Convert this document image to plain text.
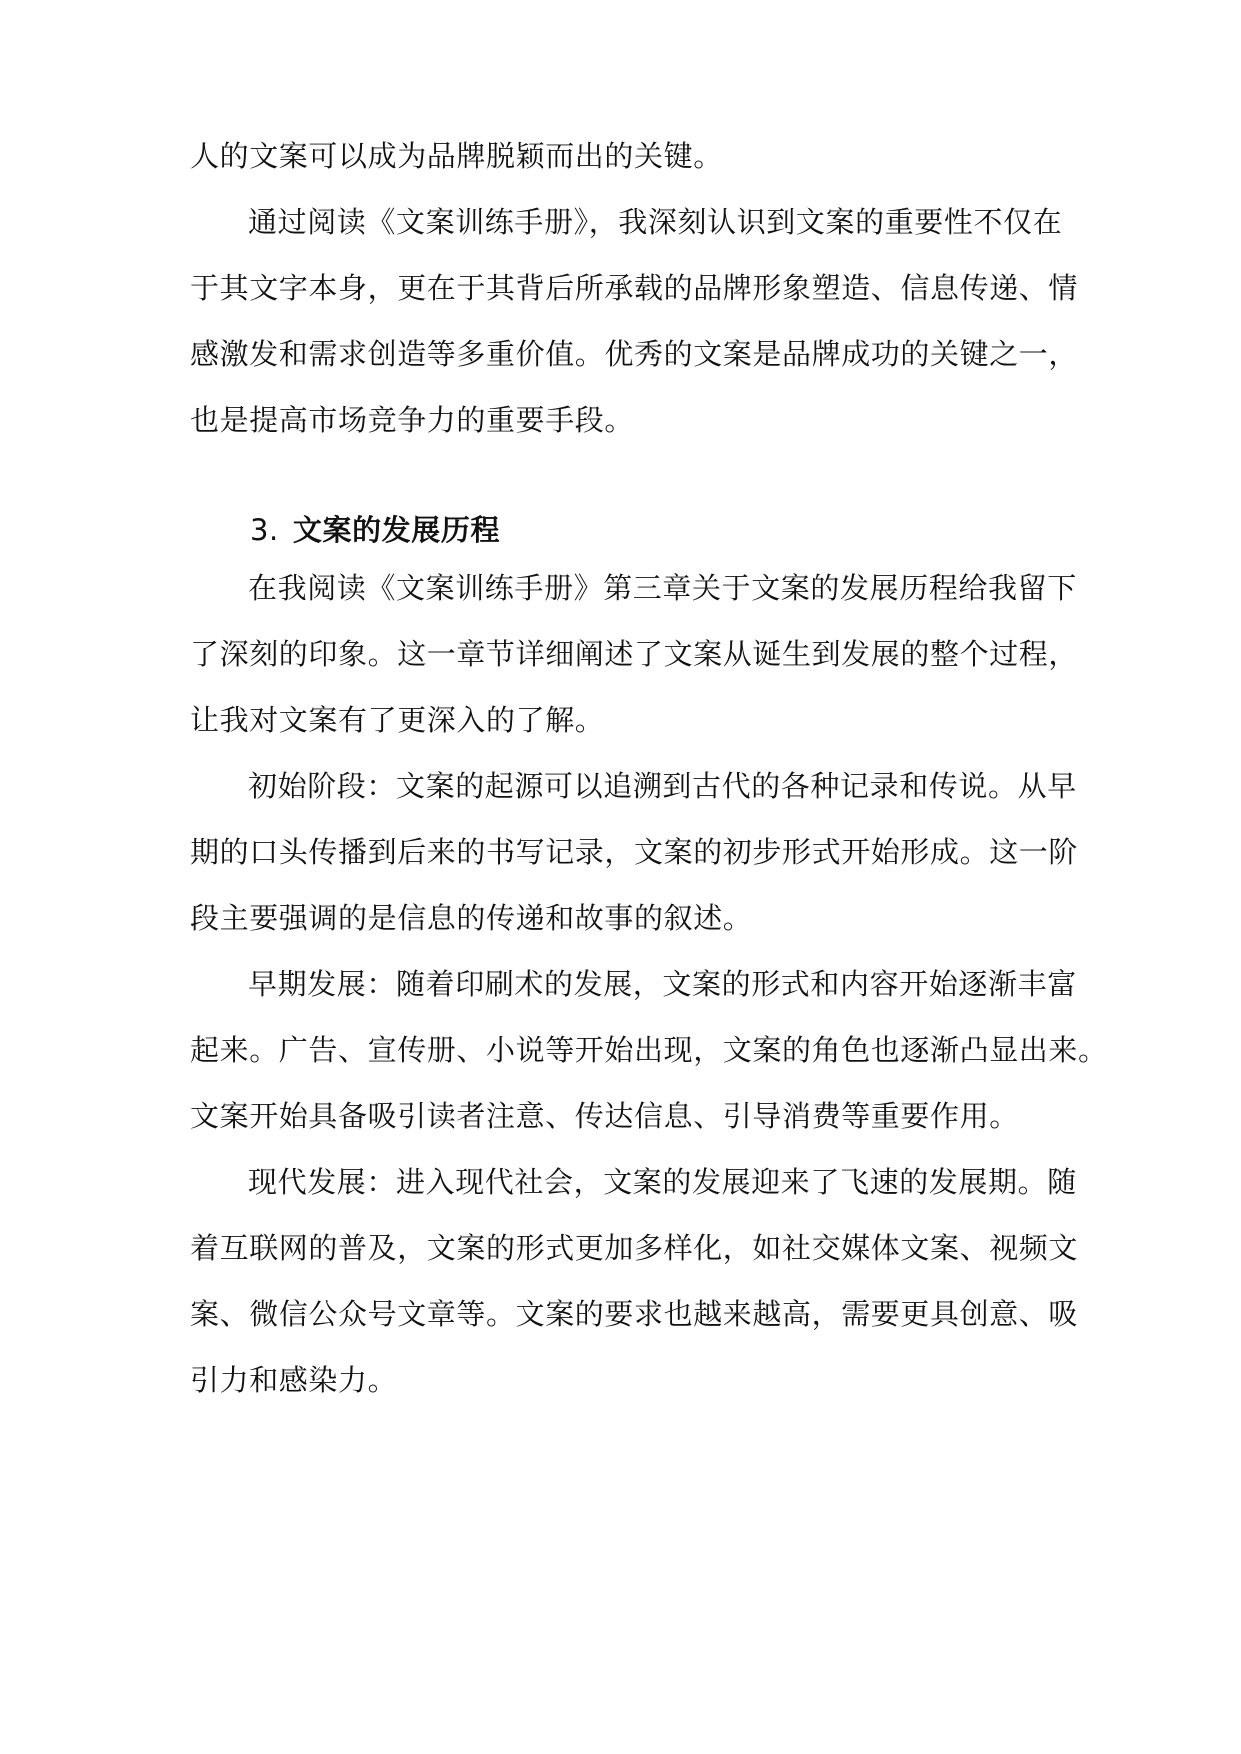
人的文案可以成为品牌脱颖而出的关键。
通过阅读《文案训练手册》，我深刻认识到文案的重要性不仅在
于其文字本身，更在于其背后所承载的品牌形象塑造、信息传递、情
感激发和需求创造等多重价值。优秀的文案是品牌成功的关键之一，
也是提高市场竞争力的重要手段。
3. 文案的发展历程
在我阅读《文案训练手册》第三章关于文案的发展历程给我留下
了深刻的印象。这一章节详细阐述了文案从诞生到发展的整个过程，
让我对文案有了更深入的了解。
初始阶段：文案的起源可以追溯到古代的各种记录和传说。从早
期的口头传播到后来的书写记录，文案的初步形式开始形成。这一阶
段主要强调的是信息的传递和故事的叙述。
早期发展：随着印刷术的发展，文案的形式和内容开始逐渐丰富
起来。广告、宣传册、小说等开始出现，文案的角色也逐渐凸显出来。
文案开始具备吸引读者注意、传达信息、引导消费等重要作用。
现代发展：进入现代社会，文案的发展迎来了飞速的发展期。随
着互联网的普及，文案的形式更加多样化，如社交媒体文案、视频文
案、微信公众号文章等。文案的要求也越来越高，需要更具创意、吸
引力和感染力。
